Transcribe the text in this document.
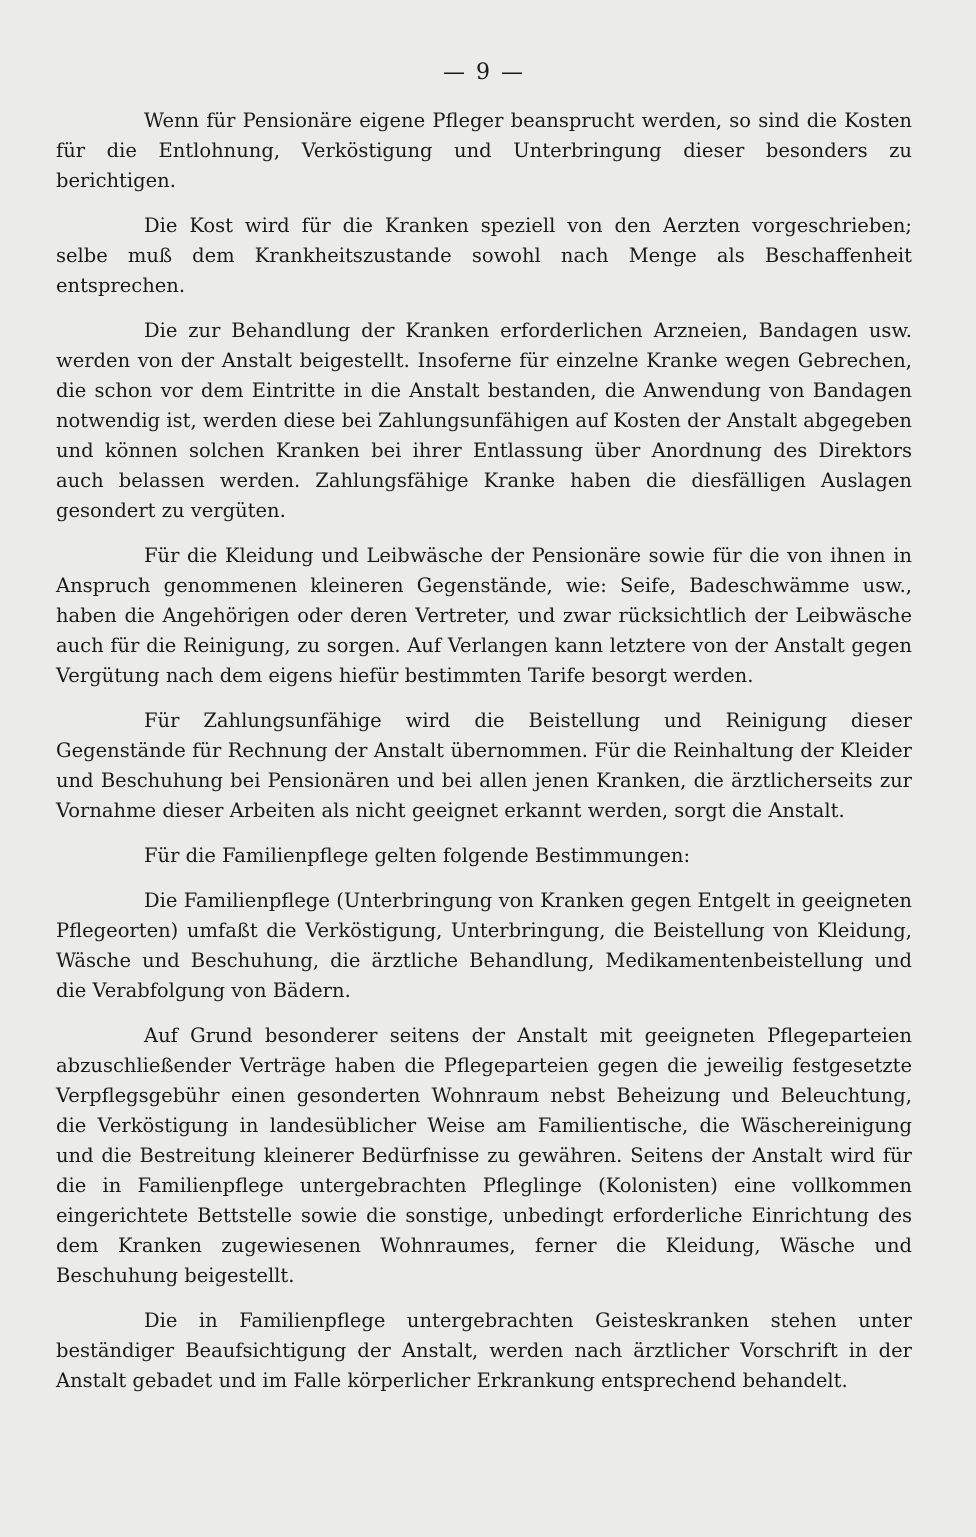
— 9 —

Wenn für Pensionäre eigene Pfleger beansprucht werden, so sind die Kosten für die Entlohnung, Verköstigung und Unterbringung dieser besonders zu berichtigen.

Die Kost wird für die Kranken speziell von den Aerzten vorgeschrieben; selbe muß dem Krankheitszustande sowohl nach Menge als Beschaffenheit entsprechen.

Die zur Behandlung der Kranken erforderlichen Arzneien, Bandagen usw. werden von der Anstalt beigestellt. Insoferne für einzelne Kranke wegen Gebrechen, die schon vor dem Eintritte in die Anstalt bestanden, die Anwendung von Bandagen notwendig ist, werden diese bei Zahlungsunfähigen auf Kosten der Anstalt abgegeben und können solchen Kranken bei ihrer Entlassung über Anordnung des Direktors auch belassen werden. Zahlungsfähige Kranke haben die diesfälligen Auslagen gesondert zu vergüten.

Für die Kleidung und Leibwäsche der Pensionäre sowie für die von ihnen in Anspruch genommenen kleineren Gegenstände, wie: Seife, Badeschwämme usw., haben die Angehörigen oder deren Vertreter, und zwar rücksichtlich der Leibwäsche auch für die Reinigung, zu sorgen. Auf Verlangen kann letztere von der Anstalt gegen Vergütung nach dem eigens hiefür bestimmten Tarife besorgt werden.

Für Zahlungsunfähige wird die Beistellung und Reinigung dieser Gegenstände für Rechnung der Anstalt übernommen. Für die Reinhaltung der Kleider und Beschuhung bei Pensionären und bei allen jenen Kranken, die ärztlicherseits zur Vornahme dieser Arbeiten als nicht geeignet erkannt werden, sorgt die Anstalt.

Für die Familienpflege gelten folgende Bestimmungen:

Die Familienpflege (Unterbringung von Kranken gegen Entgelt in geeigneten Pflegeorten) umfaßt die Verköstigung, Unterbringung, die Beistellung von Kleidung, Wäsche und Beschuhung, die ärztliche Behandlung, Medikamentenbeistellung und die Verabfolgung von Bädern.

Auf Grund besonderer seitens der Anstalt mit geeigneten Pflegeparteien abzuschließender Verträge haben die Pflegeparteien gegen die jeweilig festgesetzte Verpflegsgebühr einen gesonderten Wohnraum nebst Beheizung und Beleuchtung, die Verköstigung in landesüblicher Weise am Familientische, die Wäschereinigung und die Bestreitung kleinerer Bedürfnisse zu gewähren. Seitens der Anstalt wird für die in Familienpflege untergebrachten Pfleglinge (Kolonisten) eine vollkommen eingerichtete Bettstelle sowie die sonstige, unbedingt erforderliche Einrichtung des dem Kranken zugewiesenen Wohnraumes, ferner die Kleidung, Wäsche und Beschuhung beigestellt.

Die in Familienpflege untergebrachten Geisteskranken stehen unter beständiger Beaufsichtigung der Anstalt, werden nach ärztlicher Vorschrift in der Anstalt gebadet und im Falle körperlicher Erkrankung entsprechend behandelt.
